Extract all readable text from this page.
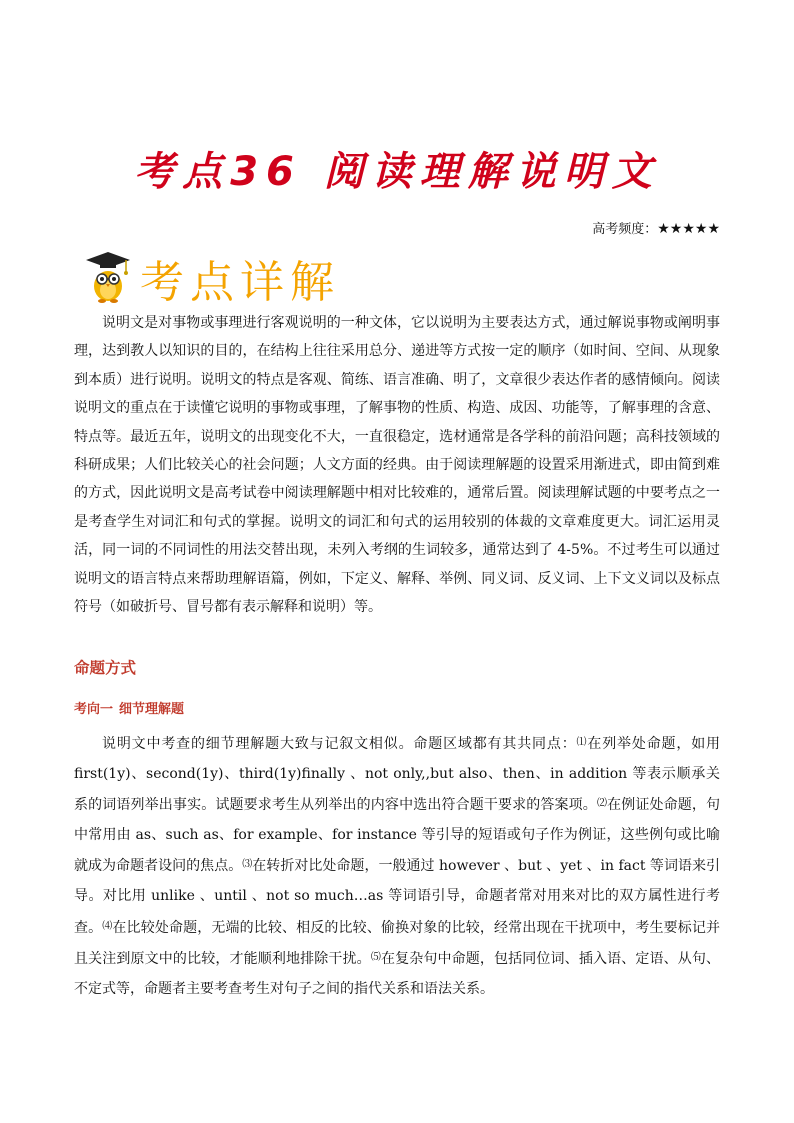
考点36 阅读理解说明文
高考频度：★★★★★
考点详解

说明文是对事物或事理进行客观说明的一种文体，它以说明为主要表达方式，通过解说事物或阐明事理，达到教人以知识的目的，在结构上往往采用总分、递进等方式按一定的顺序（如时间、空间、从现象到本质）进行说明。说明文的特点是客观、简练、语言准确、明了，文章很少表达作者的感情倾向。阅读说明文的重点在于读懂它说明的事物或事理，了解事物的性质、构造、成因、功能等，了解事理的含意、特点等。最近五年，说明文的出现变化不大，一直很稳定，选材通常是各学科的前沿问题；高科技领域的科研成果；人们比较关心的社会问题；人文方面的经典。由于阅读理解题的设置采用渐进式，即由简到难的方式，因此说明文是高考试卷中阅读理解题中相对比较难的，通常后置。阅读理解试题的中要考点之一是考查学生对词汇和句式的掌握。说明文的词汇和句式的运用较别的体裁的文章难度更大。词汇运用灵活，同一词的不同词性的用法交替出现，未列入考纲的生词较多，通常达到了 4-5%。不过考生可以通过说明文的语言特点来帮助理解语篇，例如，下定义、解释、举例、同义词、反义词、上下文义词以及标点符号（如破折号、冒号都有表示解释和说明）等。

命题方式
考向一 细节理解题

说明文中考查的细节理解题大致与记叙文相似。命题区域都有其共同点：⑴在列举处命题，如用 first(1y)、second(1y)、third(1y)finally 、not only,,but also、then、in addition 等表示顺承关系的词语列举出事实。试题要求考生从列举出的内容中选出符合题干要求的答案项。⑵在例证处命题，句中常用由 as、such as、for example、for instance 等引导的短语或句子作为例证，这些例句或比喻就成为命题者设问的焦点。⑶在转折对比处命题，一般通过 however 、but 、yet 、in fact 等词语来引导。对比用 unlike 、until 、not so much…as 等词语引导，命题者常对用来对比的双方属性进行考查。⑷在比较处命题，无端的比较、相反的比较、偷换对象的比较，经常出现在干扰项中，考生要标记并且关注到原文中的比较，才能顺利地排除干扰。⑸在复杂句中命题，包括同位词、插入语、定语、从句、不定式等，命题者主要考查考生对句子之间的指代关系和语法关系。
